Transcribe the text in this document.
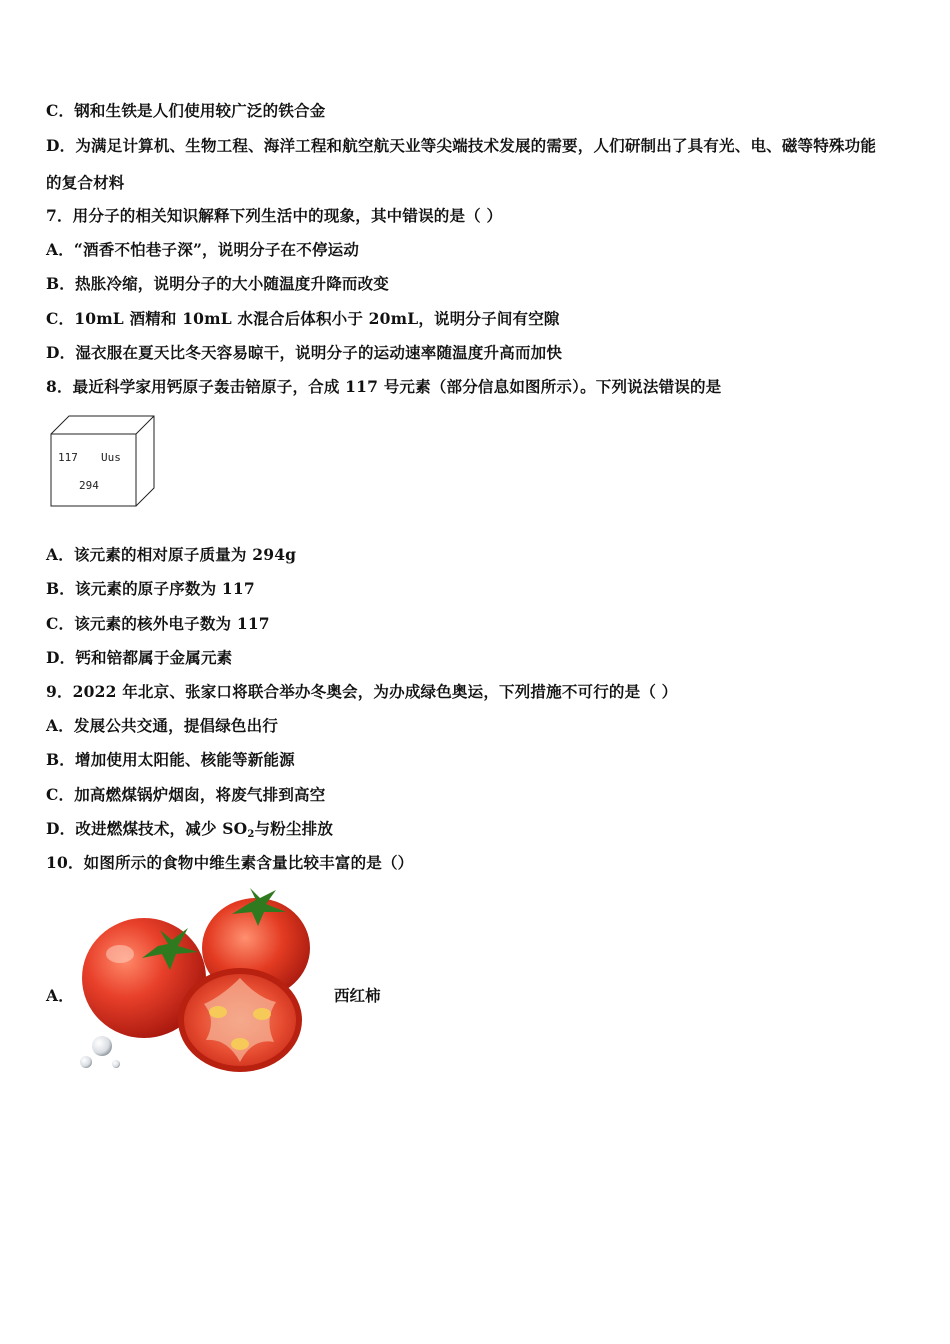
C．钢和生铁是人们使用较广泛的铁合金
D．为满足计算机、生物工程、海洋工程和航空航天业等尖端技术发展的需要，人们研制出了具有光、电、磁等特殊功能
的复合材料
7．用分子的相关知识解释下列生活中的现象，其中错误的是（ ）
A．“酒香不怕巷子深”，说明分子在不停运动
B．热胀冷缩，说明分子的大小随温度升降而改变
C．10mL 酒精和 10mL 水混合后体积小于 20mL，说明分子间有空隙
D．湿衣服在夏天比冬天容易晾干，说明分子的运动速率随温度升高而加快
8．最近科学家用钙原子轰击锫原子，合成 117 号元素（部分信息如图所示）。下列说法错误的是
117 Uus
294
A．该元素的相对原子质量为 294g
B．该元素的原子序数为 117
C．该元素的核外电子数为 117
D．钙和锫都属于金属元素
9．2022 年北京、张家口将联合举办冬奥会，为办成绿色奥运，下列措施不可行的是（ ）
A．发展公共交通，提倡绿色出行
B．增加使用太阳能、核能等新能源
C．加高燃煤锅炉烟囱，将废气排到高空
D．改进燃煤技术，减少 $SO_2$与粉尘排放
10．如图所示的食物中维生素含量比较丰富的是（）
A．	西红柿
